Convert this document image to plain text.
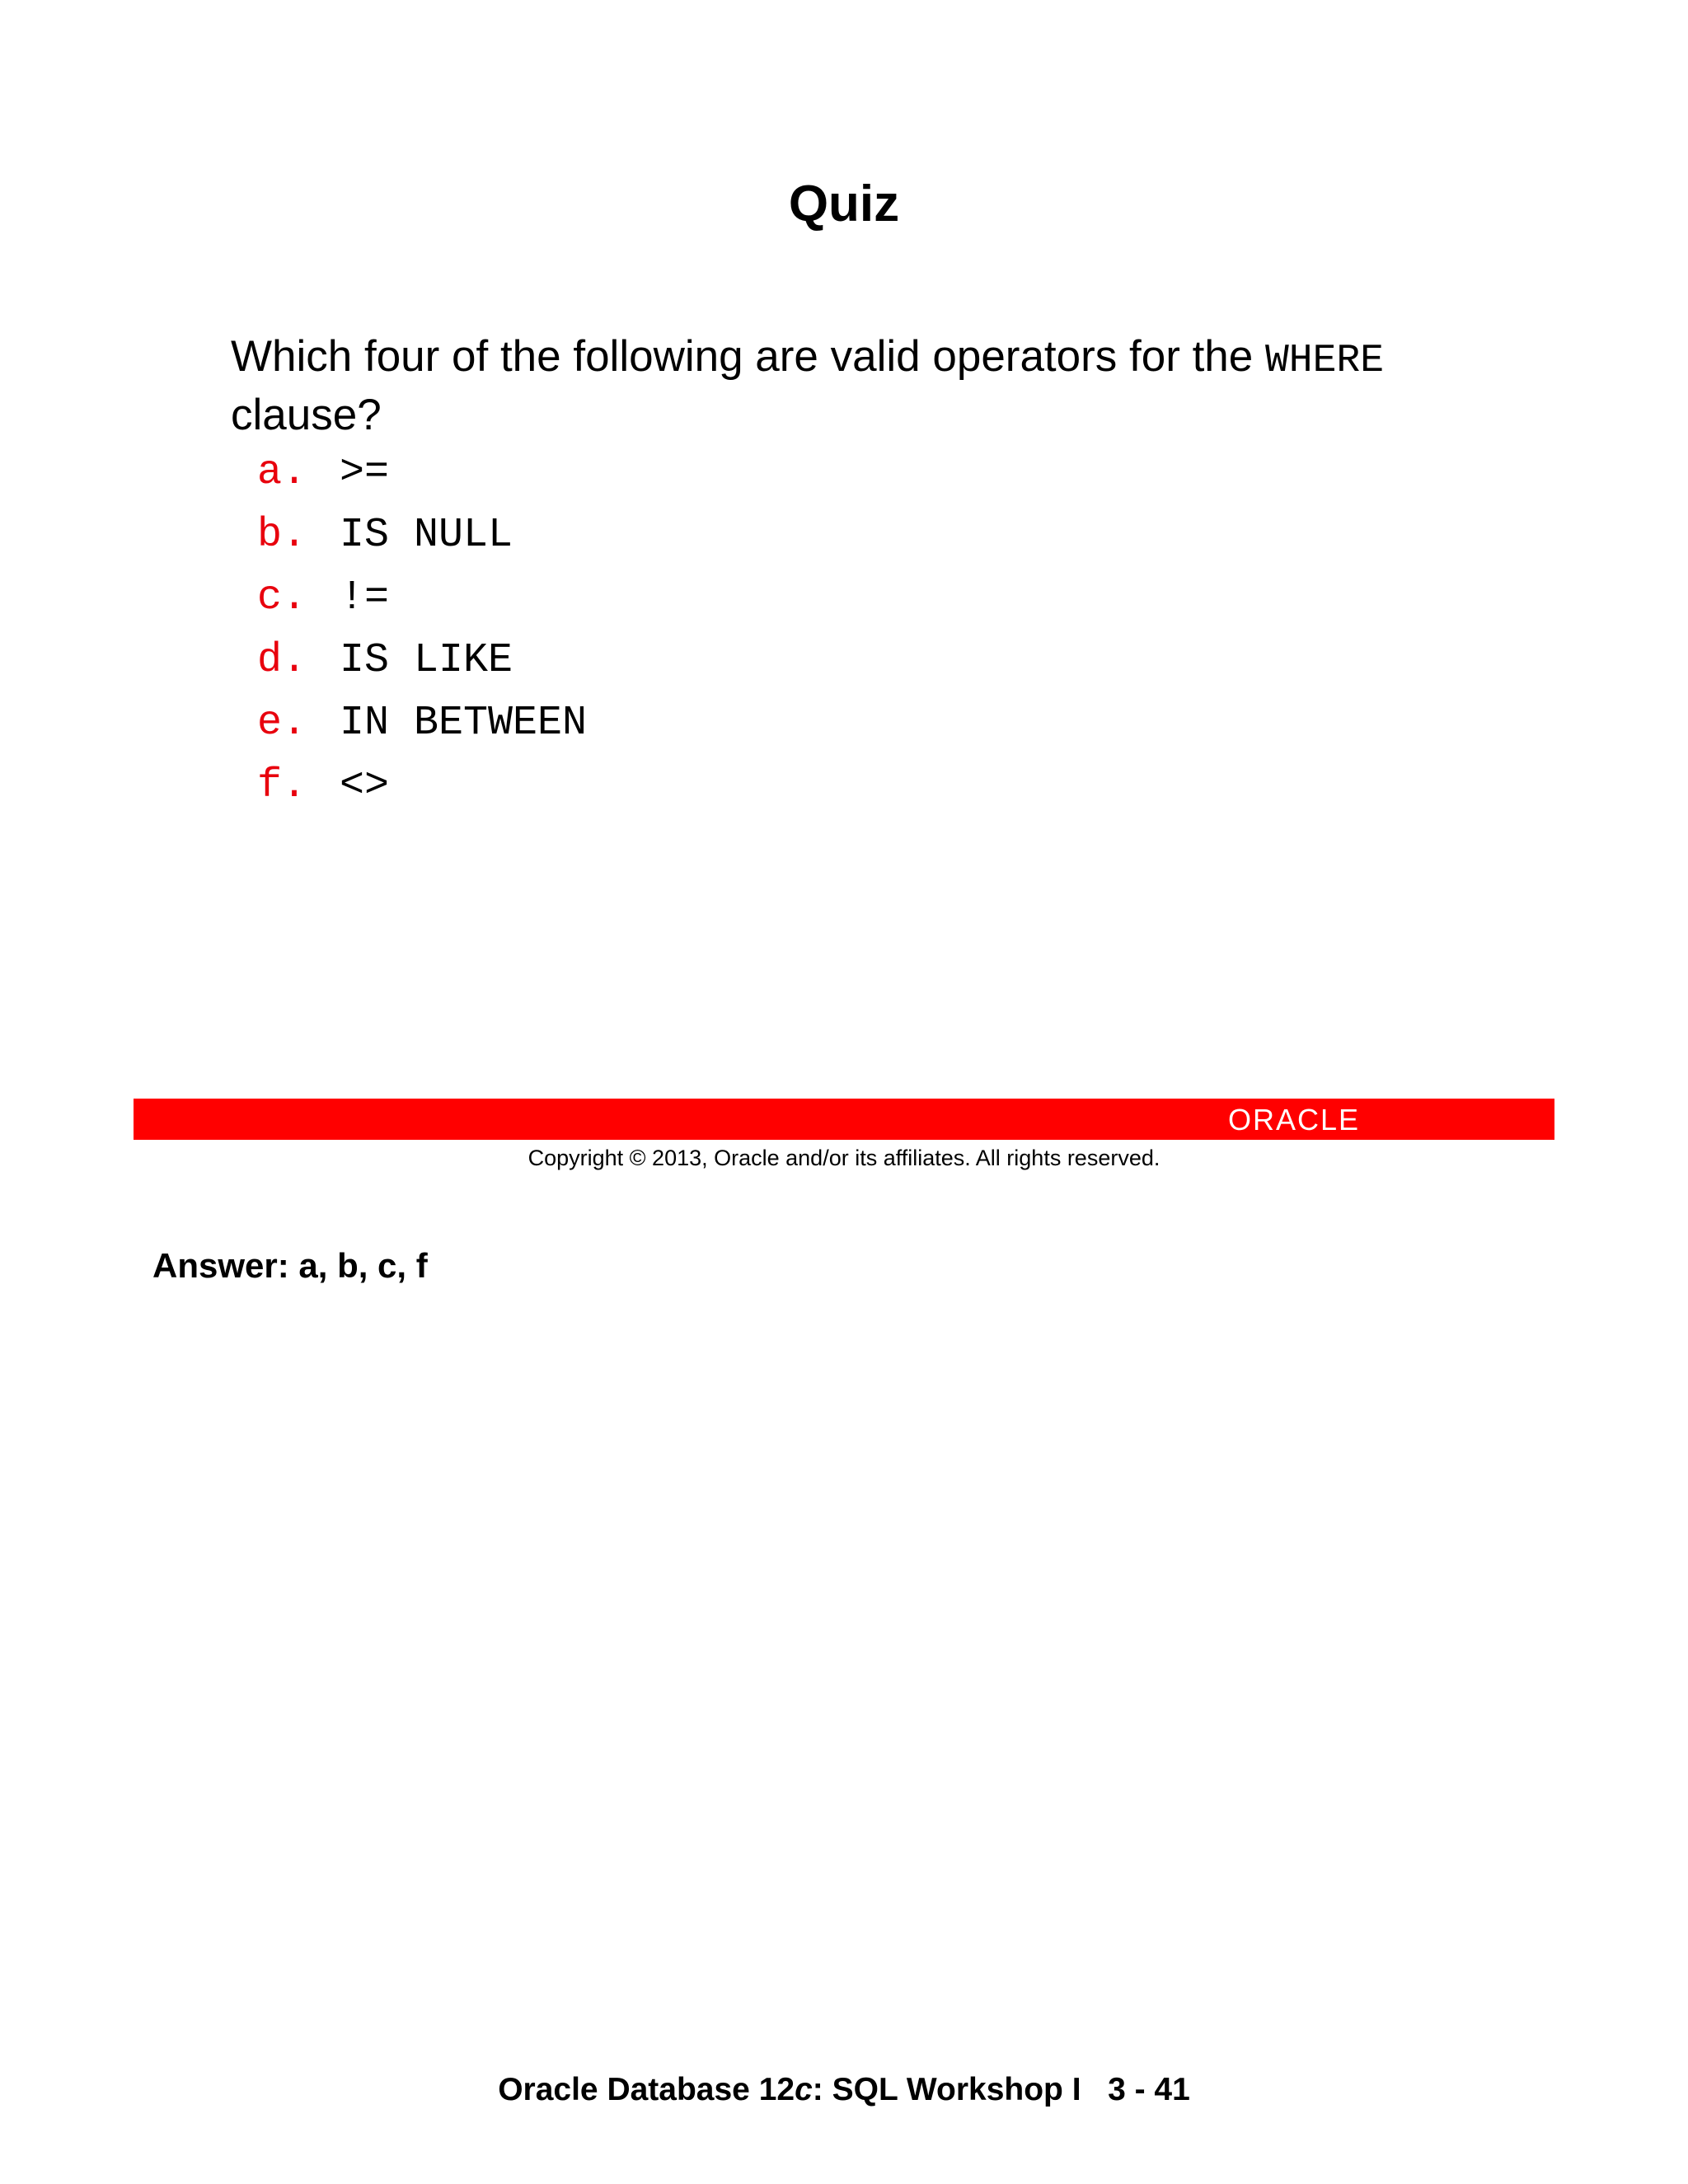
Quiz
Which four of the following are valid operators for the WHERE clause?
a. >=
b. IS NULL
c. !=
d. IS LIKE
e. IN BETWEEN
f. <>
ORACLE
Copyright © 2013, Oracle and/or its affiliates. All rights reserved.
Answer: a, b, c, f
Oracle Database 12c: SQL Workshop I 3 - 41
